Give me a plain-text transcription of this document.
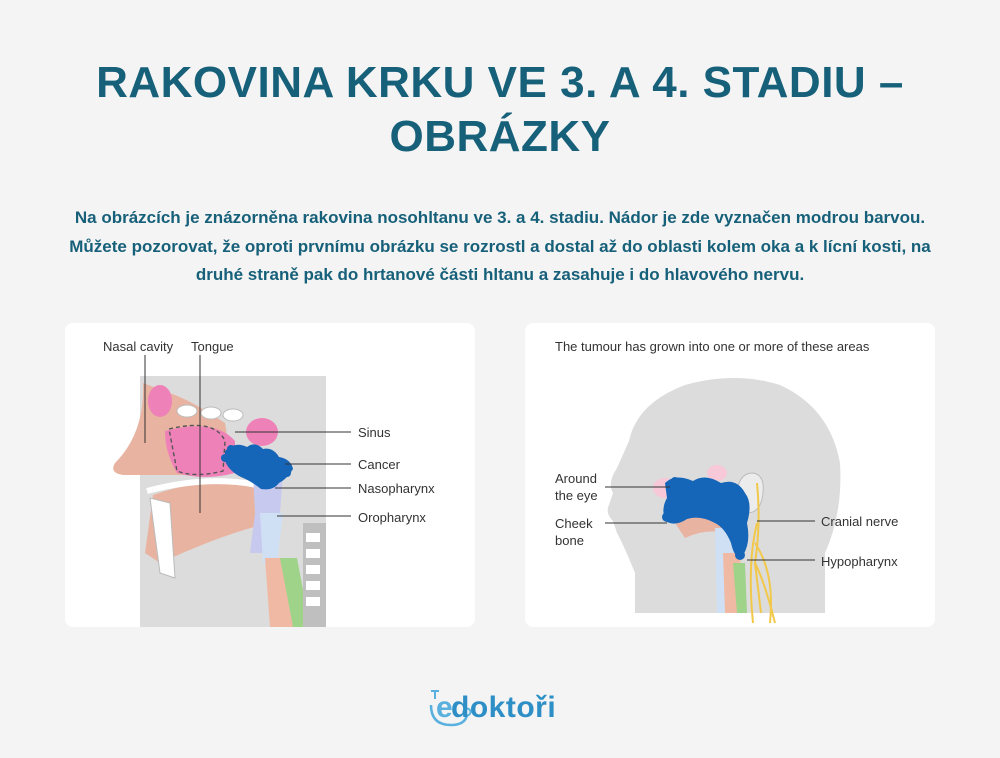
RAKOVINA KRKU VE 3. A 4. STADIU – OBRÁZKY

Na obrázcích je znázorněna rakovina nosohltanu ve 3. a 4. stadiu. Nádor je zde vyznačen modrou barvou. Můžete pozorovat, že oproti prvnímu obrázku se rozrostl a dostal až do oblasti kolem oka a k lícní kosti, na druhé straně pak do hrtanové části hltanu a zasahuje i do hlavového nervu.

Nasal cavity Tongue
Sinus
Cancer
Nasopharynx
Oropharynx
The tumour has grown into one or more of these areas
Around
the eye
Cheek
bone
Cranial nerve
Hypopharynx
e
doktoři
